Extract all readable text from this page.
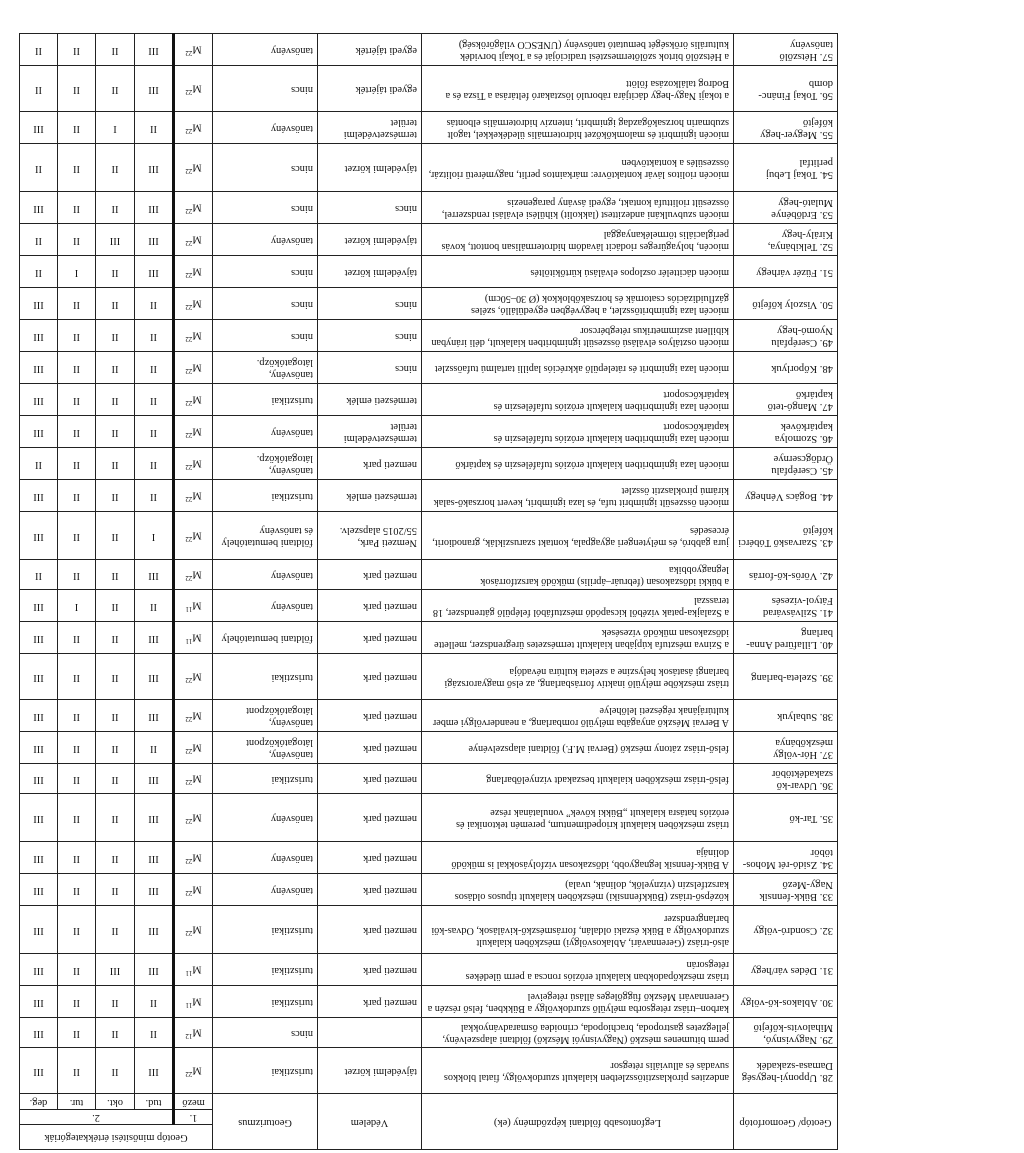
Geotóp/ Geomorfotóp	Legfontosabb földtani képződmény (ek)	Védelem	Geoturizmus	Geotóp minősítési értékkategóriák				
				1.	2.			
				mező	tud.	okt.	tur.	deg.
28. Upponyi-hegység Damasa-szakadék	andezites piroklasztitösszletben kialakult szurdokvölgy, fiatal blokkos suvadás és alluviális rétegsor	tájvédelmi körzet	turisztikai	$M^{22}$	III	II	II	III
29. Nagyvisnyó, Mihalovits-kőfejtő	perm bitumenes mészkő (Nagyvisnyói Mészkő) földtani alapszelvény, jellegzetes gastropoda, brachiopoda, crinoidea ősmaradványokkal		nincs	$M^{12}$	II	II	II	III
30. Ablakos-kő-völgy	karbon–triász rétegsorba mélyülő szurdokvölgy a Bükkben, felső részén a Gerennavári Mészkő függőleges állású rétegeivel	nemzeti park	turisztikai	$M^{11}$	II	II	II	III
31. Dédes vár/hegy	triász mészkőpadokban kialakult eróziós roncsa a perm üledékes rétegsorán	nemzeti park	turisztikai	$M^{11}$	III	III	II	III
32. Csondró-völgy	alsó-triász (Gerennavári, Ablakosvölgyi) mészkőben kialakult szurdokvölgy a Bükk északi oldalán, forrásmészkő-kiválások, Odvas-kői barlangrendszer	nemzeti park	turisztikai	$M^{22}$	III	II	II	III
33. Bükk-fennsík Nagy-Mező	középső-triász (Bükkfennsíki) mészkőben kialakult típusos oldásos karsztfelszín (víznyelők, dolinák, uvala)	nemzeti park	tanösvény	$M^{22}$	III	II	II	III
34. Zsidó-rét Mohos-töbör	A Bükk-fennsík legnagyobb, időszakosan vízfolyásokkal is működő dolinája	nemzeti park	tanösvény	$M^{22}$	III	II	II	III
35. Tar-kő	triász mészkőben kialakult kriopedimentum, peremén tektonikai és eróziós hatásra kialakult „Bükki kövek” vonulatának része	nemzeti park	tanösvény	$M^{22}$	III	II	II	III
36. Udvar-kő szakadéktöbör	felső-triász mészkőben kialakult beszakadt víznyelőbarlang	nemzeti park	turisztikai	$M^{22}$	III	II	II	III
37. Hór-völgy mészkőbánya	felső-triász zátony mészkő (Bervai M.F.) földtani alapszelvénye	nemzeti park	tanösvény, látogatóközpont	$M^{22}$	II	II	II	III
38. Subalyuk	A Bervai Mészkő anyagába mélyülő rombarlang, a neandervölgyi ember kultúrájának régészeti lelőhelye	nemzeti park	tanösvény, látogatóközpont	$M^{22}$	III	II	II	III
39. Szeleta-barlang	triász mészkőbe mélyülő inaktív forrásbarlang, az első magyarországi barlangi ásatások helyszíne a szeleta kultúra névadója	nemzeti park	turisztikai	$M^{22}$	III	II	II	III
40. Lillafüred Anna-barlang	a Szinva mésztufa kúpjában kialakult természetes üregrendszer, mellette időszakosan működő vízesések	nemzeti park	földtani bemutatóhely	$M^{11}$	III	II	II	III
41. Szilvásvárad Fátyol-vízesés	a Szalajka-patak vízéből kicsapódó mésztufából felépülő gátrendszer, 18 terasszal	nemzeti park	tanösvény	$M^{11}$	II	II	I	III
42. Vörös-kő-forrás	a bükki időszakosan (február–április) működő karsztforrások legnagyobbika	nemzeti park	tanösvény	$M^{22}$	III	II	II	II
43. Szarvaskő Tóbérci kőfejtő	jura gabbró, és mélytengeri agyagpala, kontakt szarusziklák, granodiorit, ércesedés	Nemzeti Park, 55/2015 alapszelv.	földtani bemutatóhely és tanösvény	$M^{22}$	I	II	II	III
44. Bogács Vénhegy	miocén összesült ignimbrit tufa, és laza ignimbrit, kevert horzsakő-salak kirámú piroklasztit összlet	természeti emlék	turisztikai	$M^{22}$	II	II	II	III
45. Cserépfalu Ördögcsernye	miocén laza ignimbritben kialakult eróziós tufaféleszin és kaptárkő	nemzeti park	tanösvény, látogatóközp.	$M^{22}$	II	II	II	II
46. Szomolya kaptárkövek	miocén laza ignimbritben kialakult eróziós tufaféleszin és kaptárkőcsoport	természetvédelmi terület	tanösvény	$M^{22}$	II	II	II	III
47. Mangó-tető kaptárkő	miocén laza ignimbritben kialakult eróziós tufaféleszin és kaptárkőcsoport	természeti emlék	turisztikai	$M^{22}$	II	II	II	III
48. Kőporlyuk	miocén laza ignimbrit és rátelepülő akkréciós lapilli tartalmú tufaösszlet	nincs	tanösvény, látogatóközp.	$M^{22}$	II	II	II	III
49. Cserépfalu Nyomó-hegy	miocén osztályos elválású összesült ignimbritben kialakult, déli irányban kibillent aszimmetrikus rétegbércsor	nincs	nincs	$M^{22}$	II	II	II	III
50. Viszoly kőfejtő	miocén laza ignimbritösszlet, a hegyvégben egyedülálló, széles gázfluidizációs csatornák és horzsakőblokkok (Ø 30–50cm)	nincs	nincs	$M^{22}$	II	II	II	III
51. Füzér várhegy	miocén dácittelér oszlopos elválású kürtőkitöltés	tájvédelmi körzet	nincs	$M^{22}$	III	II	I	II
52. Telkibánya, Király-hegy	miocén, holyagüreges riodácit lávadóm hidrotermálisan bontott, kovás periglaciális törmelékanyaggal	tájvédelmi körzet	tanösvény	$M^{22}$	III	III	II	II
53. Erdőbénye Mulató-hegy	miocén szubvulkáni andezittest (lakkolit) kihűlési elválási rendszerrel, összesült riolittufa kontakt, egyedi ásvány paragenezis	nincs	nincs	$M^{22}$	III	II	II	III
54. Tokaj Lebuj perlitfal	miocén riolitos lávár kontaktövre: márkaintos perlit, nagyméretű riolitzár, összesülés a kontaktövben	tájvédelmi körzet	nincs	$M^{22}$	III	II	II	II
55. Megyer-hegy kőfejtő	miocén ignimbrit és malomkőkőzet hidrotermális üledékekkel, tagolt szubmarin horzsakőgazdag ignimbrit, intenzív hidrotermális elbontás	természetvédelmi terület	tanösvény	$M^{22}$	II	I	II	III
56. Tokaj Finánc-domb	a tokaji Nagy-hegy dácitjára ráboruló lösztakaró feltárása a Tisza és a Bodrog találkozása fölött	egyedi tájérték	nincs	$M^{22}$	III	II	II	II
57. Hétszőlő tanösvény	a Hétszőlő birtok szőlőtermesztési tradícióját és a Tokaji borvidék kulturális örökségét bemutató tanösvény (UNESCO világörökség)	egyedi tájérték	tanösvény	$M^{22}$	III	II	II	II
